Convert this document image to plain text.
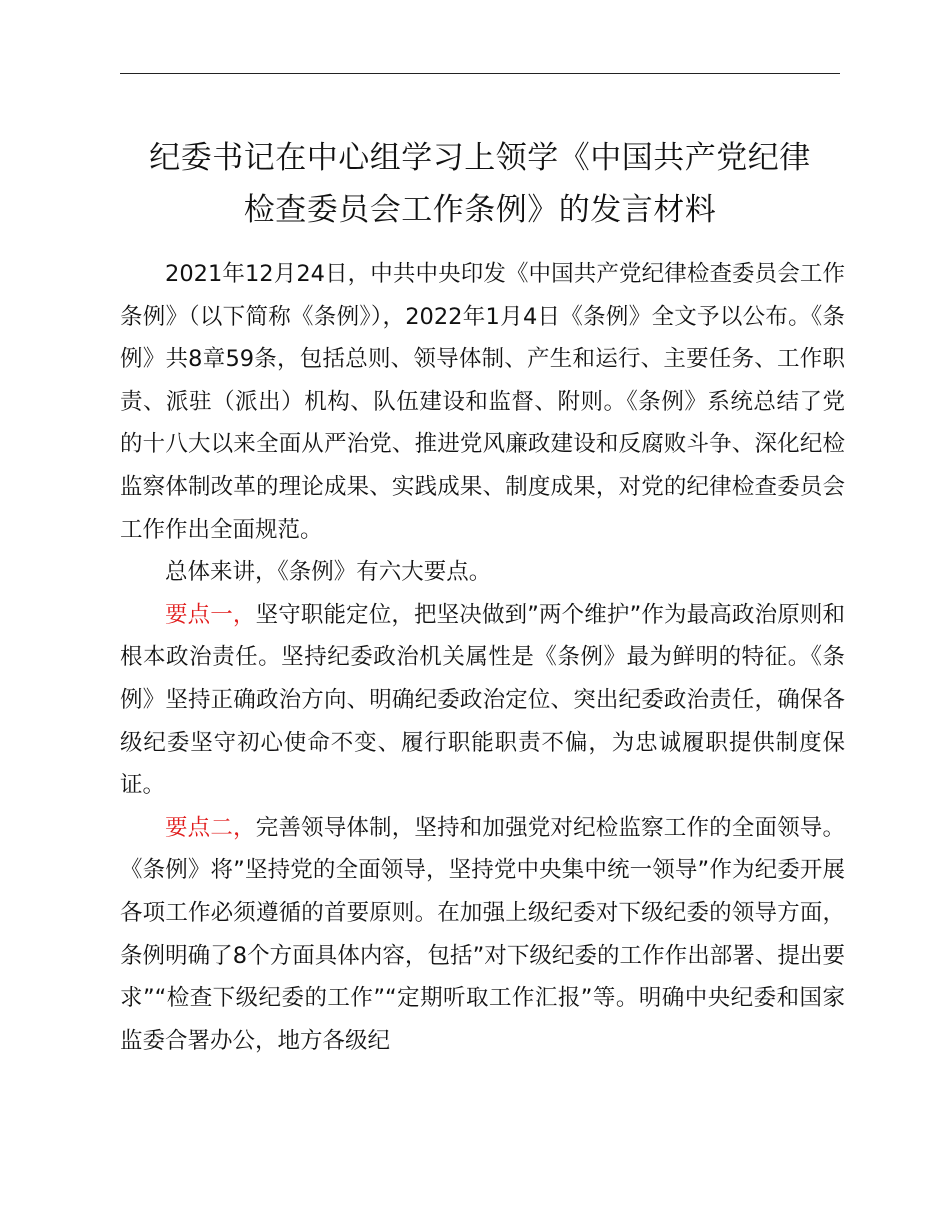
纪委书记在中心组学习上领学《中国共产党纪律
检查委员会工作条例》的发言材料

2021年12月24日，中共中央印发《中国共产党纪律检查委员会工作条例》（以下简称《条例》），2022年1月4日《条例》全文予以公布。《条例》共8章59条，包括总则、领导体制、产生和运行、主要任务、工作职责、派驻（派出）机构、队伍建设和监督、附则。《条例》系统总结了党的十八大以来全面从严治党、推进党风廉政建设和反腐败斗争、深化纪检监察体制改革的理论成果、实践成果、制度成果，对党的纪律检查委员会工作作出全面规范。

总体来讲，《条例》有六大要点。

要点一，坚守职能定位，把坚决做到”两个维护”作为最高政治原则和根本政治责任。坚持纪委政治机关属性是《条例》最为鲜明的特征。《条例》坚持正确政治方向、明确纪委政治定位、突出纪委政治责任，确保各级纪委坚守初心使命不变、履行职能职责不偏，为忠诚履职提供制度保证。

要点二，完善领导体制，坚持和加强党对纪检监察工作的全面领导。《条例》将”坚持党的全面领导，坚持党中央集中统一领导”作为纪委开展各项工作必须遵循的首要原则。在加强上级纪委对下级纪委的领导方面，条例明确了8个方面具体内容，包括”对下级纪委的工作作出部署、提出要求”“检查下级纪委的工作”“定期听取工作汇报”等。明确中央纪委和国家监委合署办公，地方各级纪
